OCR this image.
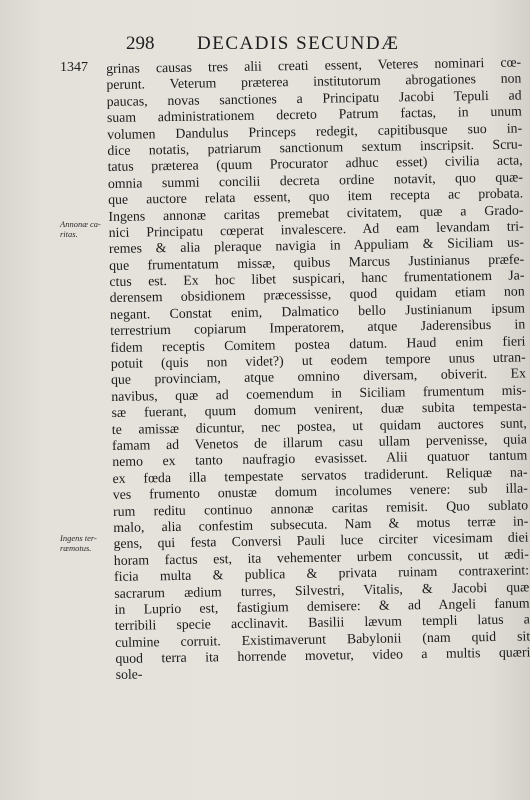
298 DECADIS SECUNDÆ
1347
Annonæ ca-
ritas.
Ingens ter-
ræmotus.
grinas causas tres alii creati essent, Veteres nominari cœ-
perunt. Veterum præterea institutorum abrogationes non
paucas, novas sanctiones a Principatu Jacobi Tepuli ad
suam administrationem decreto Patrum factas, in unum
volumen Dandulus Princeps redegit, capitibusque suo in-
dice notatis, patriarum sanctionum sextum inscripsit. Scru-
tatus præterea (quum Procurator adhuc esset) civilia acta,
omnia summi concilii decreta ordine notavit, quo quæ-
que auctore relata essent, quo item recepta ac probata.
Ingens annonæ caritas premebat civitatem, quæ a Grado-
nici Principatu cœperat invalescere. Ad eam levandam tri-
remes & alia pleraque navigia in Appuliam & Siciliam us-
que frumentatum missæ, quibus Marcus Justinianus præfe-
ctus est. Ex hoc libet suspicari, hanc frumentationem Ja-
derensem obsidionem præcessisse, quod quidam etiam non
negant. Constat enim, Dalmatico bello Justinianum ipsum
terrestrium copiarum Imperatorem, atque Jaderensibus in
fidem receptis Comitem postea datum. Haud enim fieri
potuit (quis non videt?) ut eodem tempore unus utran-
que provinciam, atque omnino diversam, obiverit. Ex
navibus, quæ ad coemendum in Siciliam frumentum mis-
sæ fuerant, quum domum venirent, duæ subita tempesta-
te amissæ dicuntur, nec postea, ut quidam auctores sunt,
famam ad Venetos de illarum casu ullam pervenisse, quia
nemo ex tanto naufragio evasisset. Alii quatuor tantum
ex fœda illa tempestate servatos tradiderunt. Reliquæ na-
ves frumento onustæ domum incolumes venere: sub illa-
rum reditu continuo annonæ caritas remisit. Quo sublato
malo, alia confestim subsecuta. Nam & motus terræ in-
gens, qui festa Conversi Pauli luce circiter vicesimam diei
horam factus est, ita vehementer urbem concussit, ut ædi-
ficia multa & publica & privata ruinam contraxerint:
sacrarum ædium turres, Silvestri, Vitalis, & Jacobi quæ
in Luprio est, fastigium demisere: & ad Angeli fanum
terribili specie acclinavit. Basilii lævum templi latus a
culmine corruit. Existimaverunt Babylonii (nam quid sit
quod terra ita horrende movetur, video a multis quæri
sole-
